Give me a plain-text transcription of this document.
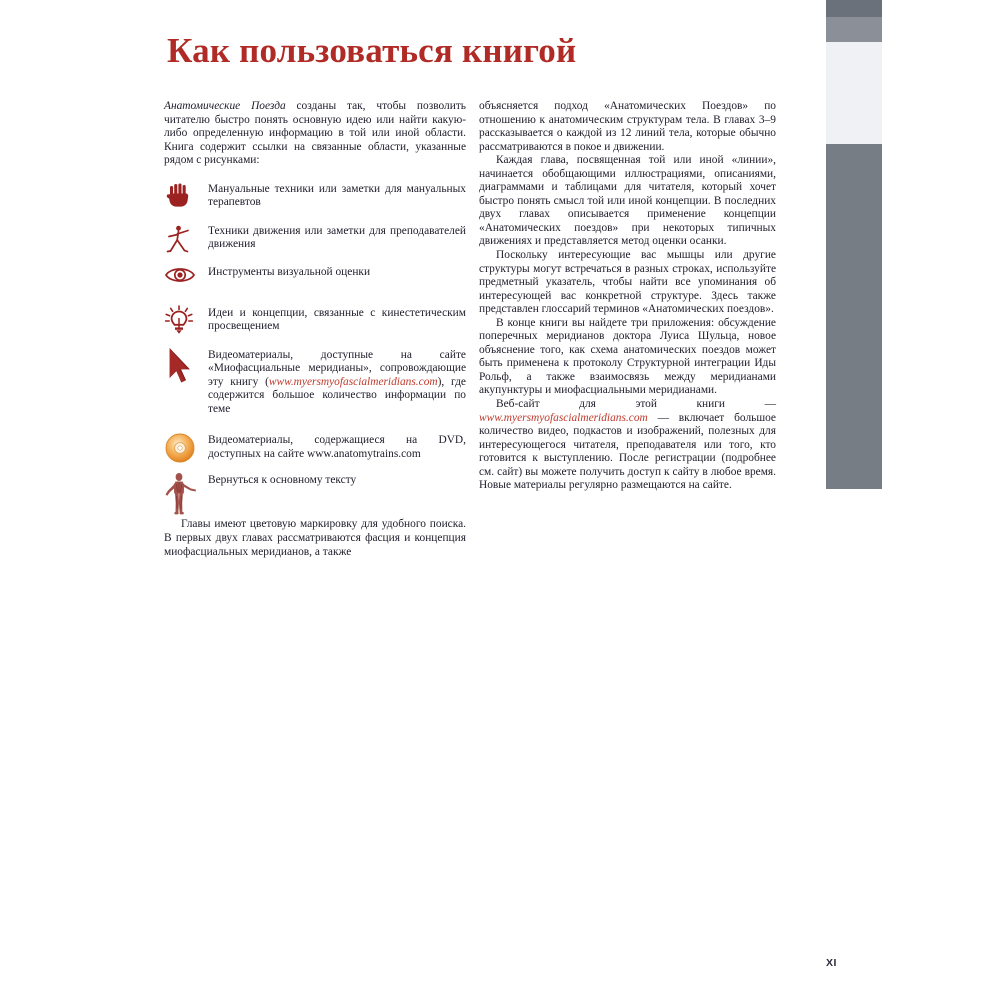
Как пользоваться книгой

Анатомические Поезда созданы так, чтобы позволить читателю быстро понять основную идею или найти какую-либо определенную информацию в той или иной области. Книга содержит ссылки на связанные области, указанные рядом с рисунками:

Мануальные техники или заметки для мануальных терапевтов
Техники движения или заметки для преподавателей движения
Инструменты визуальной оценки
Идеи и концепции, связанные с кинестетическим просвещением
Видеоматериалы, доступные на сайте «Миофасциальные меридианы», сопровождающие эту книгу (www.myersmyofascialmeridians.com), где содержится большое количество информации по теме
Видеоматериалы, содержащиеся на DVD, доступных на сайте www.anatomytrains.com
Вернуться к основному тексту

Главы имеют цветовую маркировку для удобного поиска. В первых двух главах рассматриваются фасция и концепция миофасциальных меридианов, а также

объясняется подход «Анатомических Поездов» по отношению к анатомическим структурам тела. В главах 3–9 рассказывается о каждой из 12 линий тела, которые обычно рассматриваются в покое и движении.

Каждая глава, посвященная той или иной «линии», начинается обобщающими иллюстрациями, описаниями, диаграммами и таблицами для читателя, который хочет быстро понять смысл той или иной концепции. В последних двух главах описывается применение концепции «Анатомических поездов» при некоторых типичных движениях и представляется метод оценки осанки.

Поскольку интересующие вас мышцы или другие структуры могут встречаться в разных строках, используйте предметный указатель, чтобы найти все упоминания об интересующей вас конкретной структуре. Здесь также представлен глоссарий терминов «Анатомических поездов».

В конце книги вы найдете три приложения: обсуждение поперечных меридианов доктора Луиса Шульца, новое объяснение того, как схема анатомических поездов может быть применена к протоколу Структурной интеграции Иды Рольф, а также взаимосвязь между меридианами акупунктуры и миофасциальными меридианами.

Веб-сайт для этой книги — www.myersmyofascialmeridians.com — включает большое количество видео, подкастов и изображений, полезных для интересующегося читателя, преподавателя или того, кто готовится к выступлению. После регистрации (подробнее см. сайт) вы можете получить доступ к сайту в любое время. Новые материалы регулярно размещаются на сайте.

XI
